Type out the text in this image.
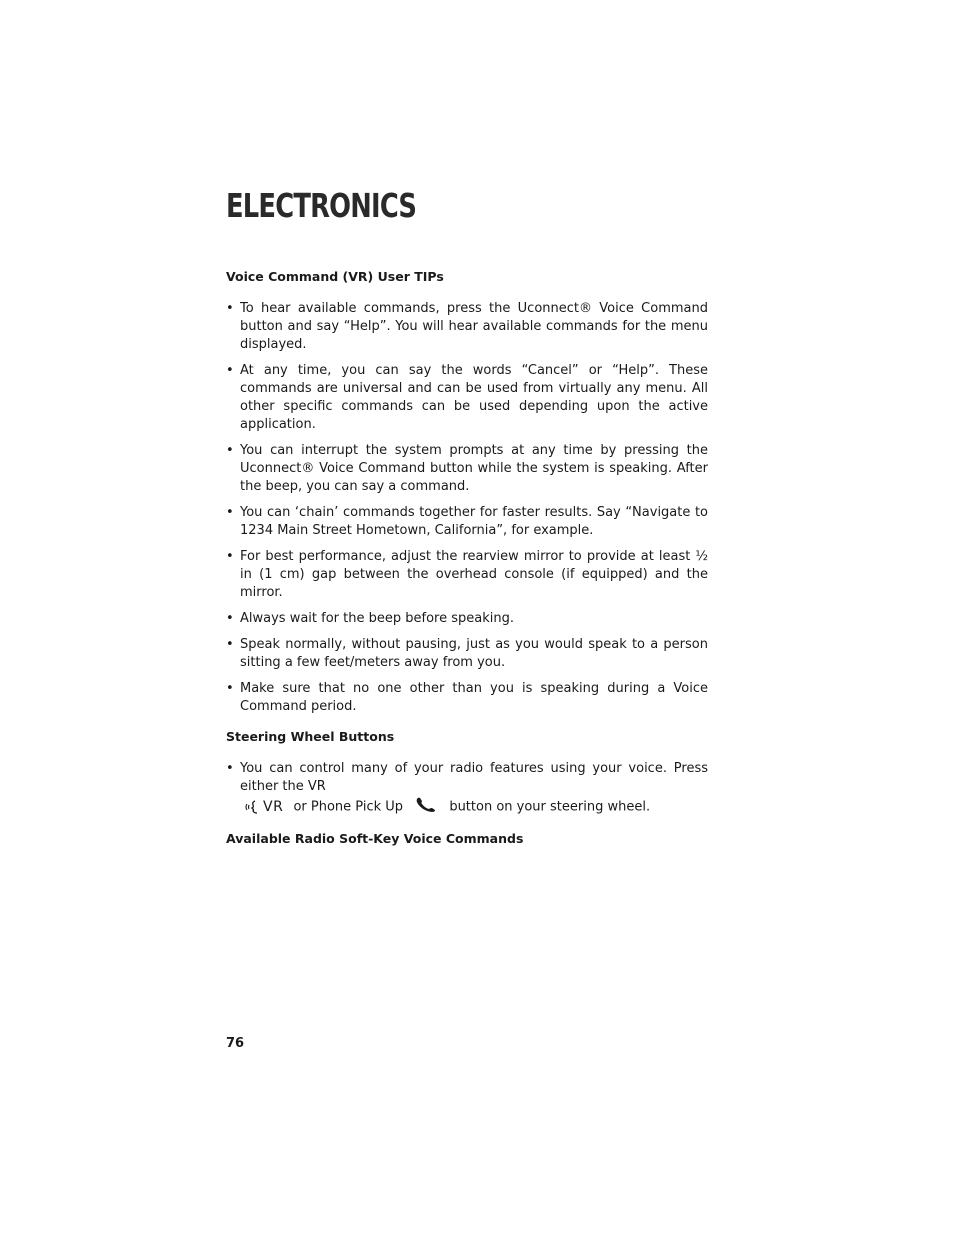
ELECTRONICS

Voice Command (VR) User TIPs

• To hear available commands, press the Uconnect® Voice Command button and say “Help”. You will hear available commands for the menu displayed.
• At any time, you can say the words “Cancel” or “Help”. These commands are universal and can be used from virtually any menu. All other specific commands can be used depending upon the active application.
• You can interrupt the system prompts at any time by pressing the Uconnect® Voice Command button while the system is speaking. After the beep, you can say a command.
• You can ‘chain’ commands together for faster results. Say “Navigate to 1234 Main Street Hometown, California”, for example.
• For best performance, adjust the rearview mirror to provide at least ½ in (1 cm) gap between the overhead console (if equipped) and the mirror.
• Always wait for the beep before speaking.
• Speak normally, without pausing, just as you would speak to a person sitting a few feet/meters away from you.
• Make sure that no one other than you is speaking during a Voice Command period.

Steering Wheel Buttons

• You can control many of your radio features using your voice. Press either the VR

VR or Phone Pick Up	button on your steering wheel.

Available Radio Soft-Key Voice Commands

76
